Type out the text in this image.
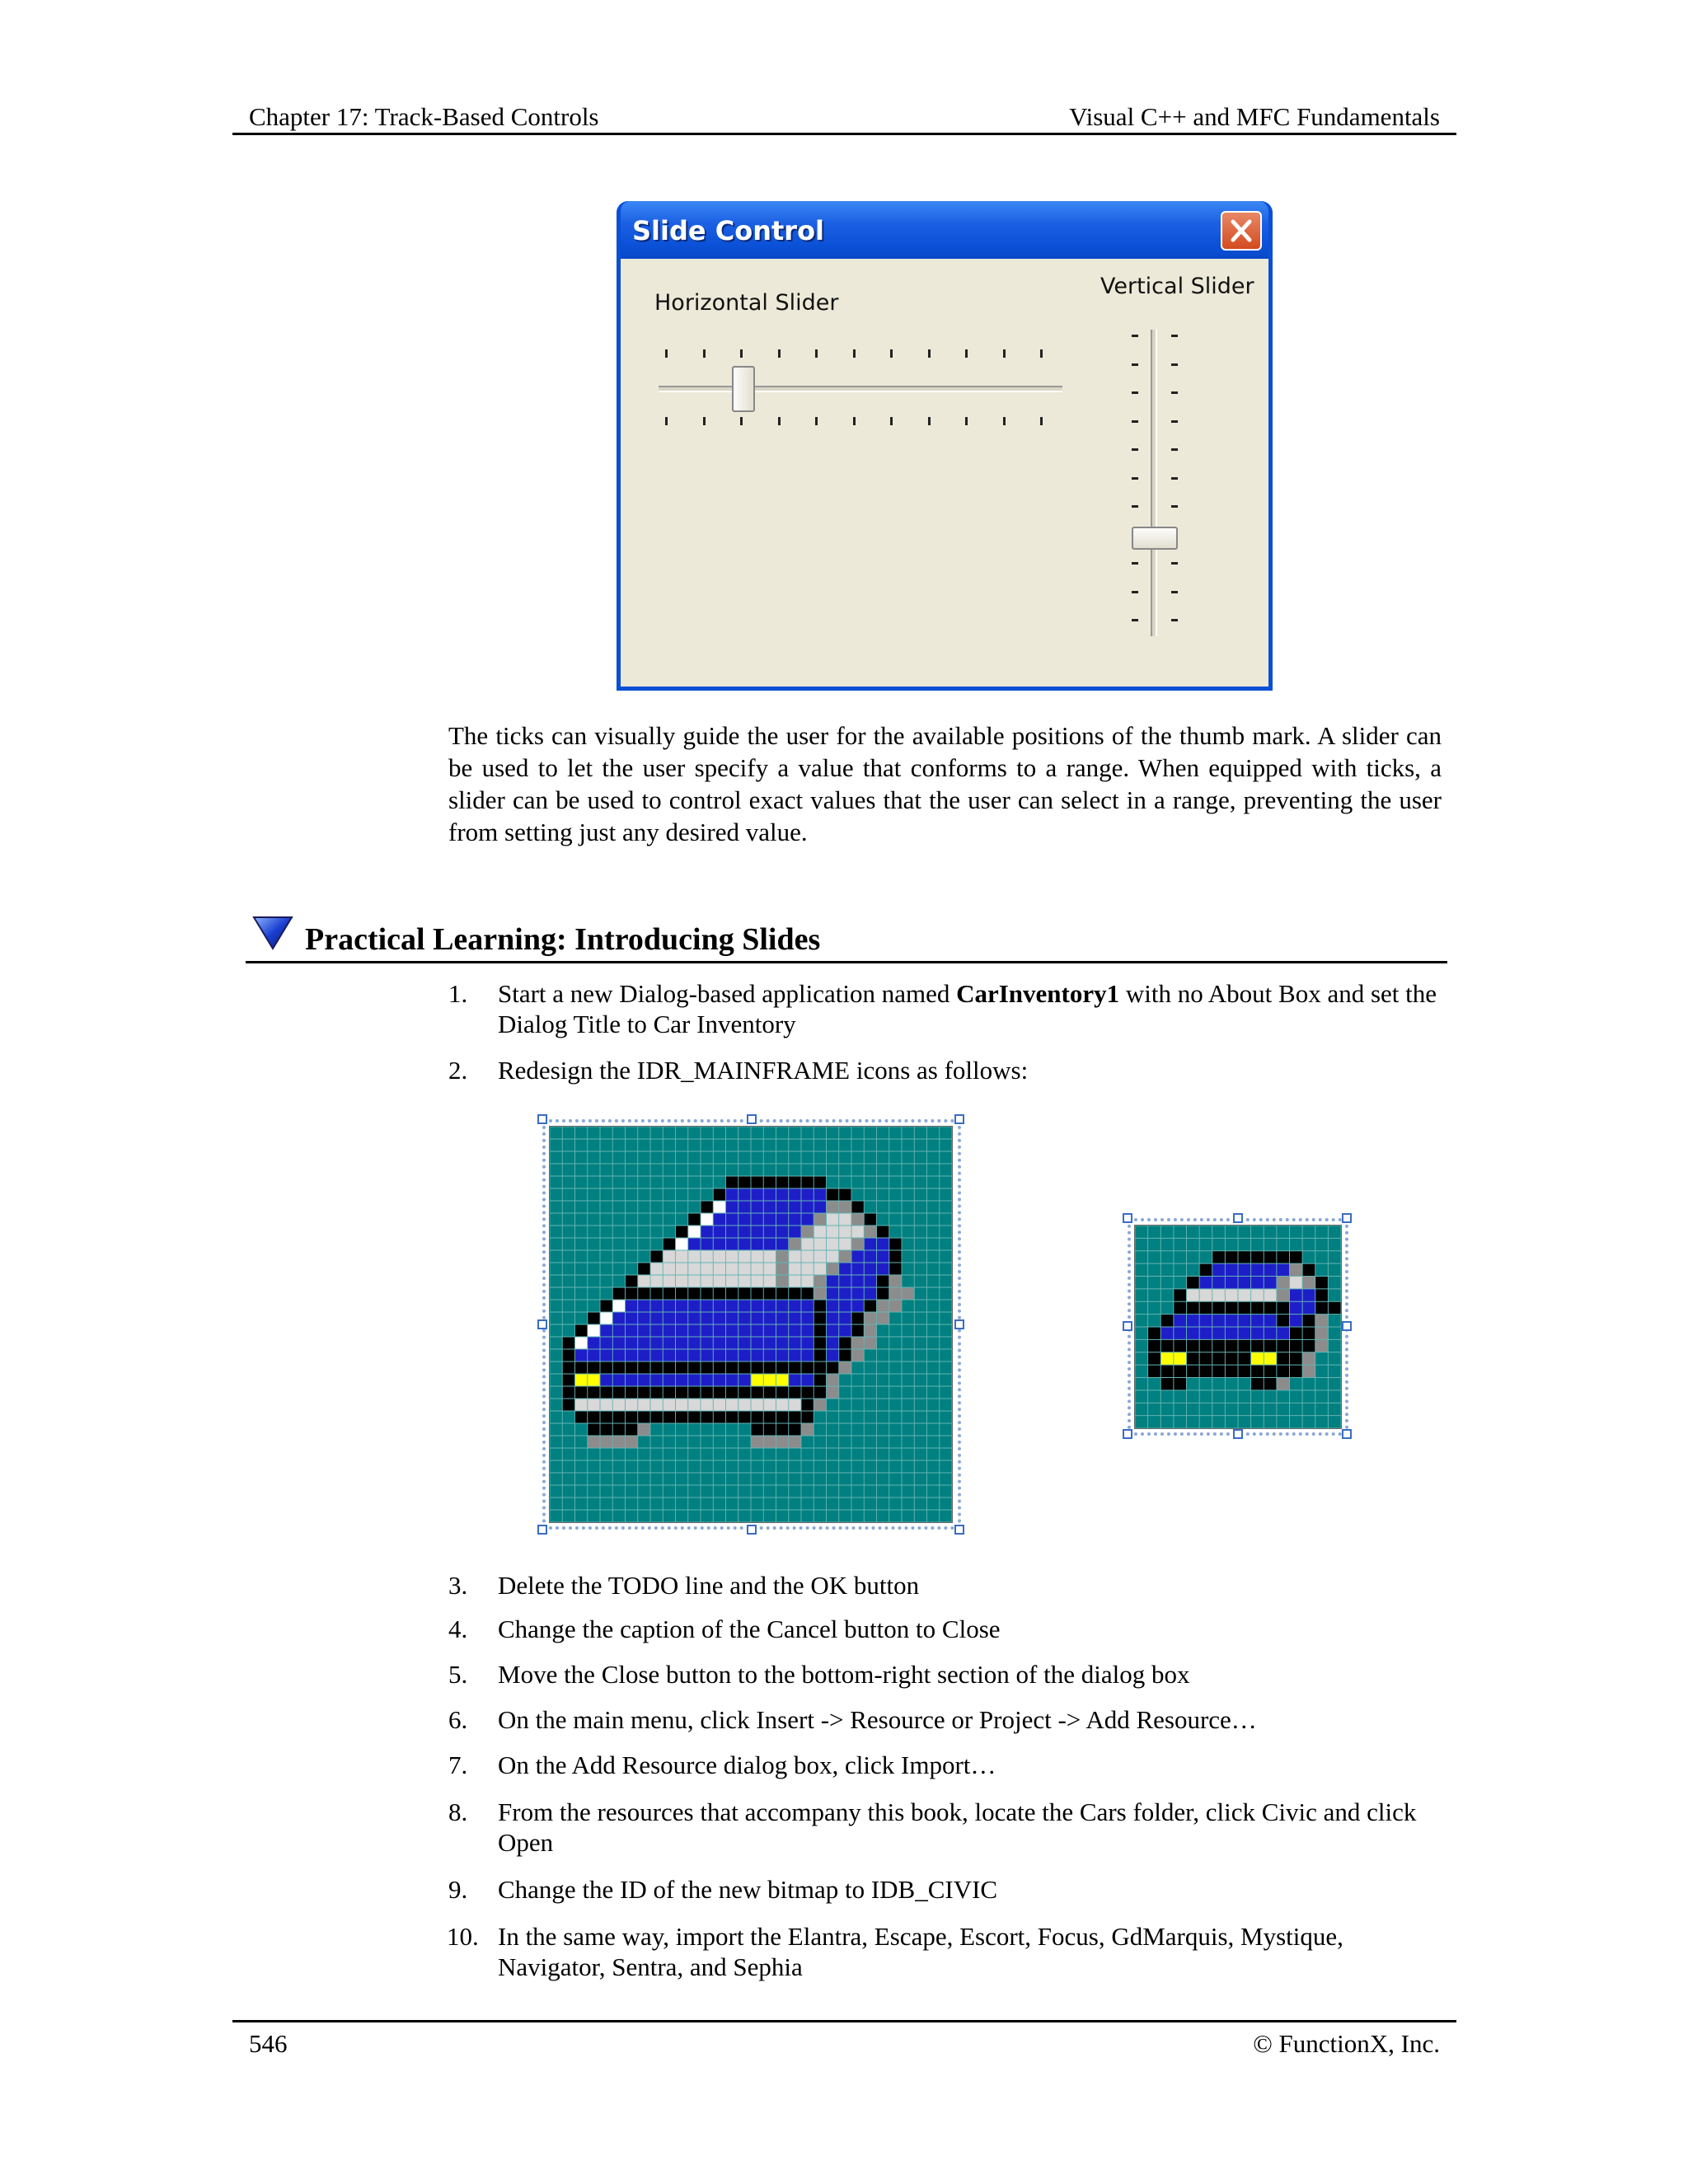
Chapter 17: Track-Based Controls	Visual C++ and MFC Fundamentals
Slide Control
Horizontal Slider
Vertical Slider

The ticks can visually guide the user for the available positions of the thumb mark. A slider can be used to let the user specify a value that conforms to a range. When equipped with ticks, a slider can be used to control exact values that the user can select in a range, preventing the user from setting just any desired value.

Practical Learning: Introducing Slides
1. Start a new Dialog-based application named CarInventory1 with no About Box and set the Dialog Title to Car Inventory
2. Redesign the IDR_MAINFRAME icons as follows:
3. Delete the TODO line and the OK button
4. Change the caption of the Cancel button to Close
5. Move the Close button to the bottom-right section of the dialog box
6. On the main menu, click Insert -> Resource or Project -> Add Resource…
7. On the Add Resource dialog box, click Import…
8. From the resources that accompany this book, locate the Cars folder, click Civic and click Open
9. Change the ID of the new bitmap to IDB_CIVIC
10. In the same way, import the Elantra, Escape, Escort, Focus, GdMarquis, Mystique, Navigator, Sentra, and Sephia
546	© FunctionX, Inc.
